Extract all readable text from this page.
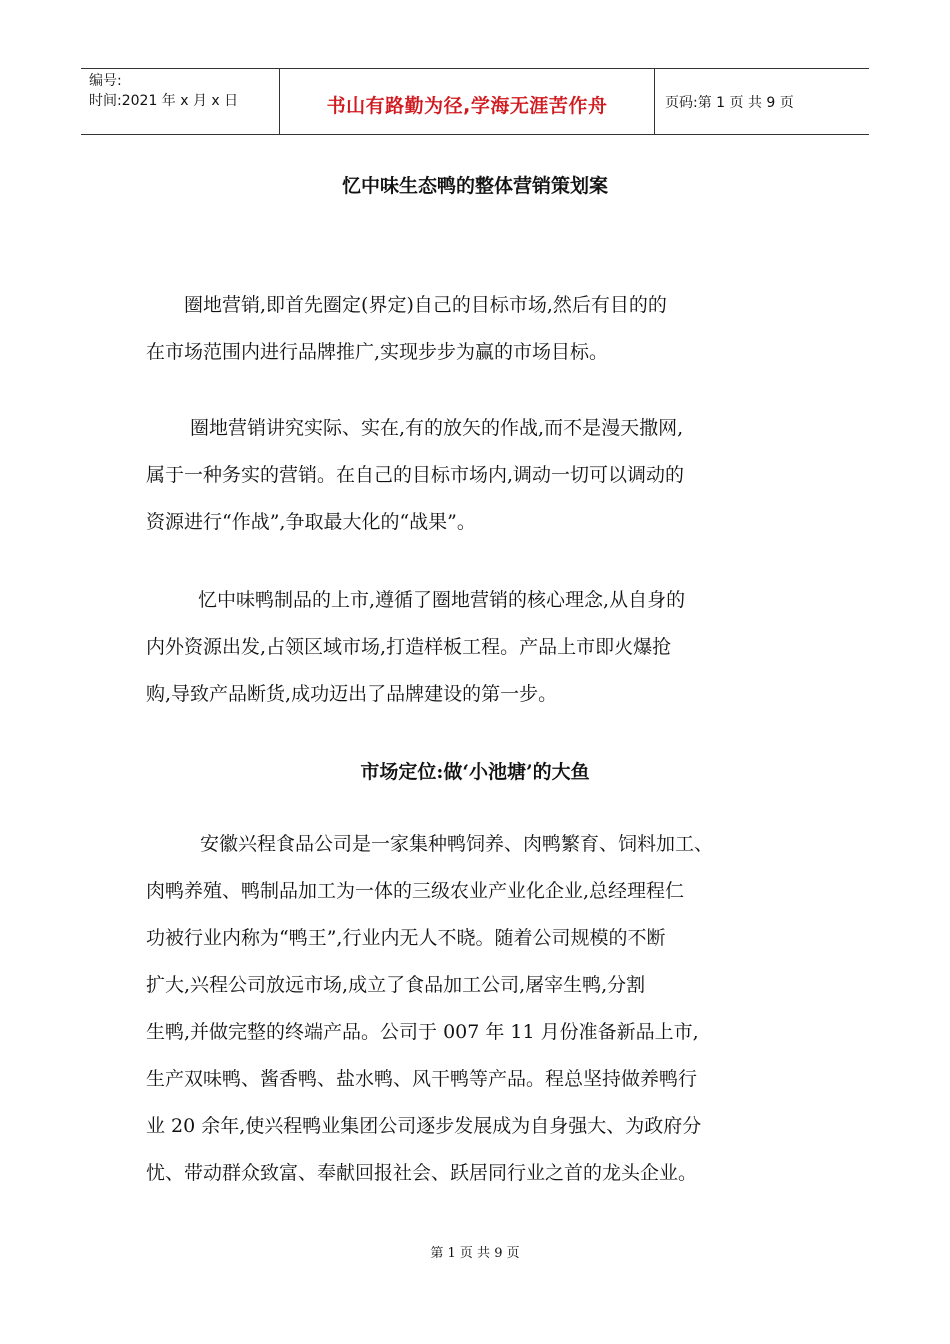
编号:
时间:2021 年 x 月 x 日	书山有路勤为径,学海无涯苦作舟	页码:第 1 页 共 9 页
忆中味生态鸭的整体营销策划案

圈地营销,即首先圈定(界定)自己的目标市场,然后有目的的
在市场范围内进行品牌推广,实现步步为赢的市场目标。

圈地营销讲究实际、实在,有的放矢的作战,而不是漫天撒网,
属于一种务实的营销。在自己的目标市场内,调动一切可以调动的
资源进行“作战”,争取最大化的“战果”。

忆中味鸭制品的上市,遵循了圈地营销的核心理念,从自身的
内外资源出发,占领区域市场,打造样板工程。产品上市即火爆抢
购,导致产品断货,成功迈出了品牌建设的第一步。

市场定位:做‘小池塘’的大鱼

安徽兴程食品公司是一家集种鸭饲养、肉鸭繁育、饲料加工、
肉鸭养殖、鸭制品加工为一体的三级农业产业化企业,总经理程仁
功被行业内称为“鸭王”,行业内无人不晓。随着公司规模的不断
扩大,兴程公司放远市场,成立了食品加工公司,屠宰生鸭,分割
生鸭,并做完整的终端产品。公司于 007 年 11 月份准备新品上市,
生产双味鸭、酱香鸭、盐水鸭、风干鸭等产品。程总坚持做养鸭行
业 20 余年,使兴程鸭业集团公司逐步发展成为自身强大、为政府分
忧、带动群众致富、奉献回报社会、跃居同行业之首的龙头企业。

第 1 页 共 9 页
